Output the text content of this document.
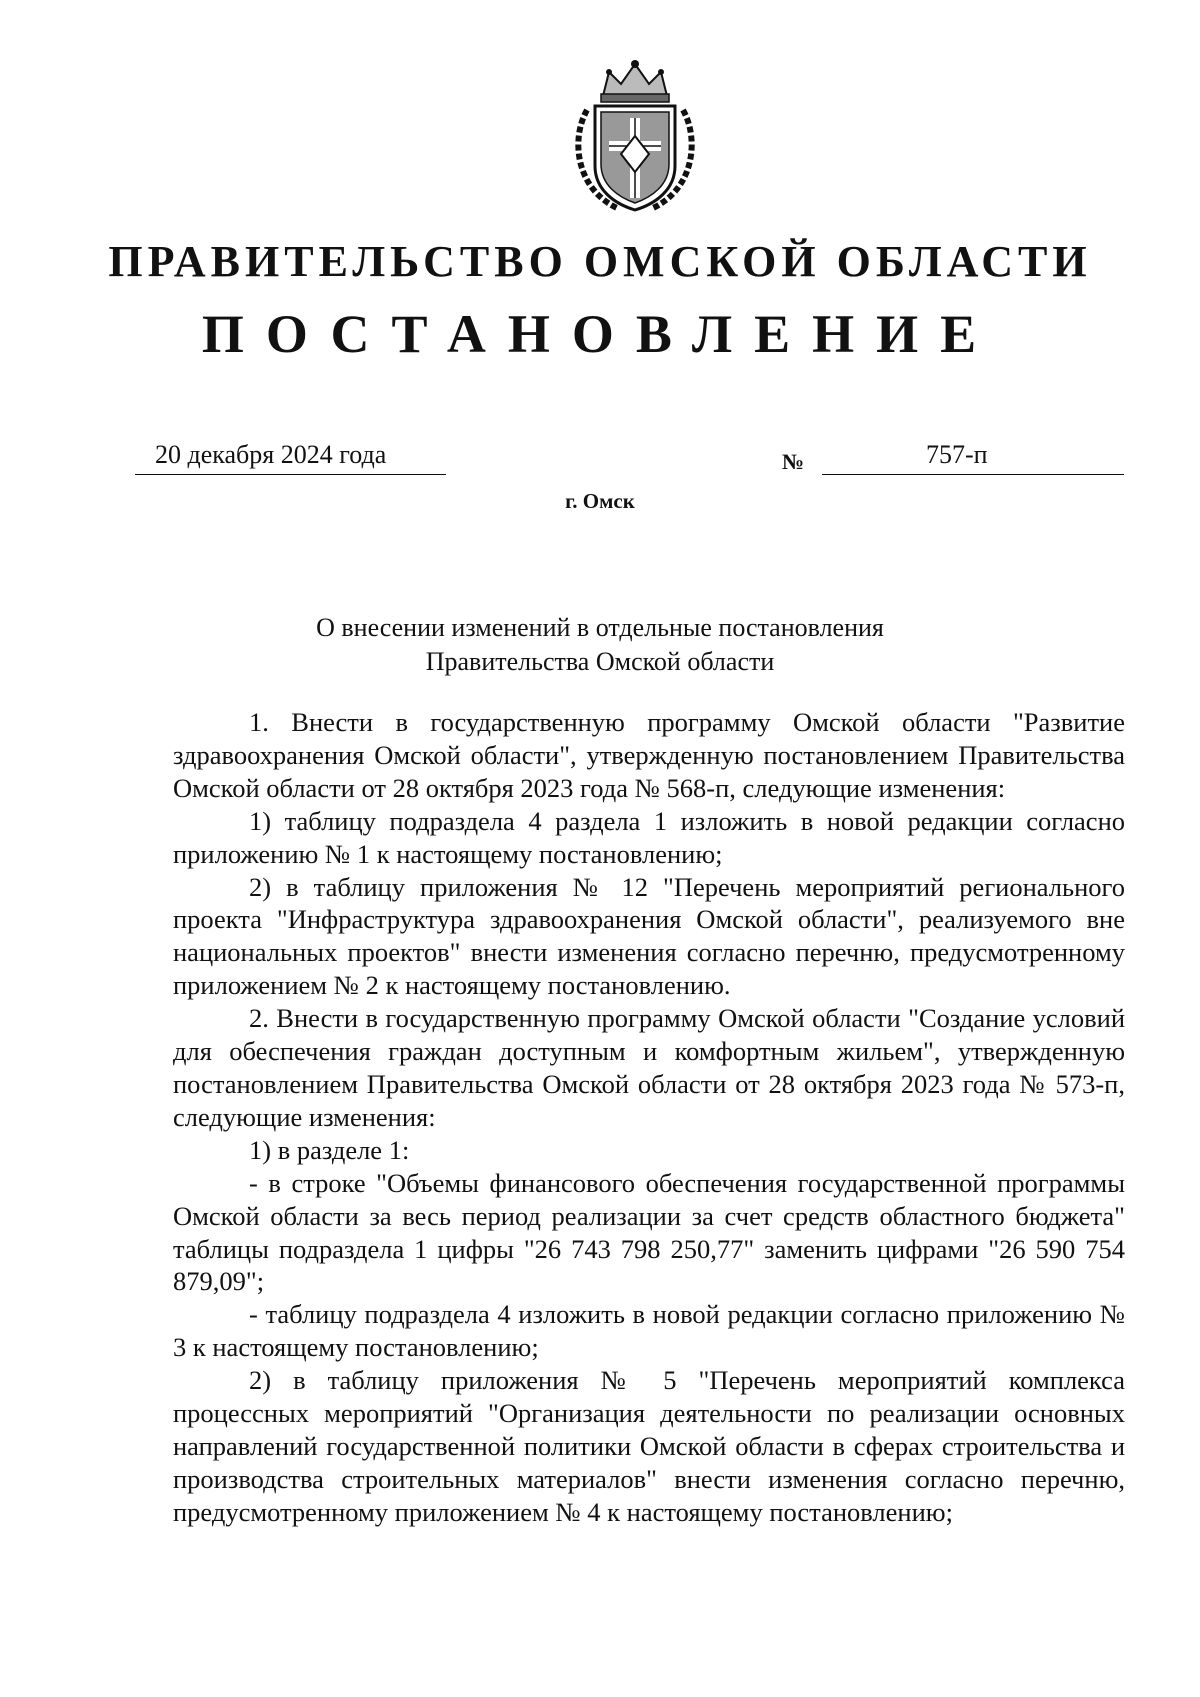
ПРАВИТЕЛЬСТВО ОМСКОЙ ОБЛАСТИ
ПОСТАНОВЛЕНИЕ
20 декабря 2024 года	№	757-п
г. Омск
О внесении изменений в отдельные постановления
Правительства Омской области

1. Внести в государственную программу Омской области "Развитие здравоохранения Омской области", утвержденную постановлением Правительства Омской области от 28 октября 2023 года № 568-п, следующие изменения:

1) таблицу подраздела 4 раздела 1 изложить в новой редакции согласно приложению № 1 к настоящему постановлению;

2) в таблицу приложения № 12 "Перечень мероприятий регионального проекта "Инфраструктура здравоохранения Омской области", реализуемого вне национальных проектов" внести изменения согласно перечню, предусмотренному приложением № 2 к настоящему постановлению.

2. Внести в государственную программу Омской области "Создание условий для обеспечения граждан доступным и комфортным жильем", утвержденную постановлением Правительства Омской области от 28 октября 2023 года № 573-п, следующие изменения:

1) в разделе 1:

- в строке "Объемы финансового обеспечения государственной программы Омской области за весь период реализации за счет средств областного бюджета" таблицы подраздела 1 цифры "26 743 798 250,77" заменить цифрами "26 590 754 879,09";

- таблицу подраздела 4 изложить в новой редакции согласно приложению № 3 к настоящему постановлению;

2) в таблицу приложения № 5 "Перечень мероприятий комплекса процессных мероприятий "Организация деятельности по реализации основных направлений государственной политики Омской области в сферах строительства и производства строительных материалов" внести изменения согласно перечню, предусмотренному приложением № 4 к настоящему постановлению;
